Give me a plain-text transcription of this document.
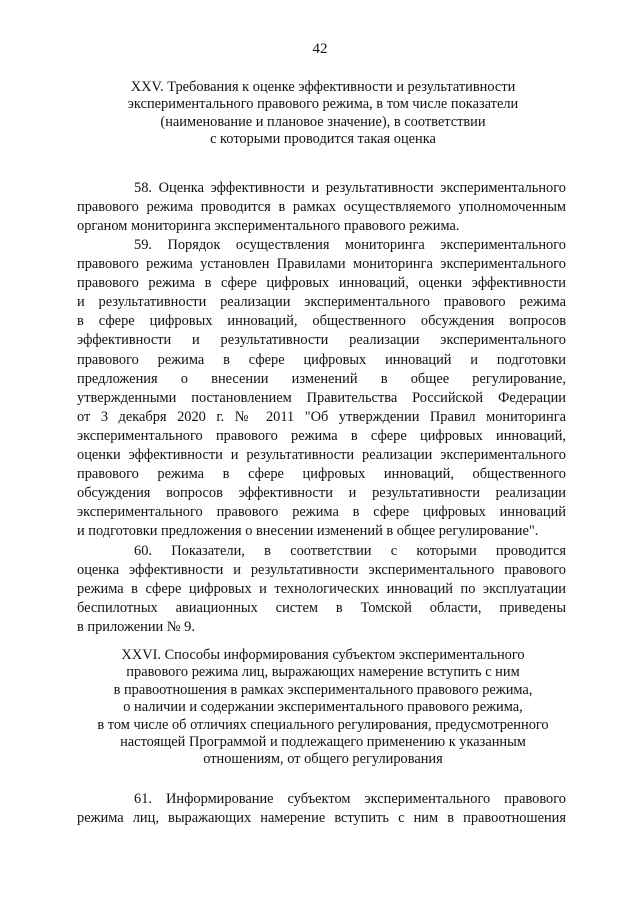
42
XXV. Требования к оценке эффективности и результативности
экспериментального правового режима, в том числе показатели
(наименование и плановое значение), в соответствии
с которыми проводится такая оценка
58. Оценка эффективности и результативности экспериментального
правового режима проводится в рамках осуществляемого уполномоченным
органом мониторинга экспериментального правового режима.
59. Порядок осуществления мониторинга экспериментального
правового режима установлен Правилами мониторинга экспериментального
правового режима в сфере цифровых инноваций, оценки эффективности
и результативности реализации экспериментального правового режима
в сфере цифровых инноваций, общественного обсуждения вопросов
эффективности и результативности реализации экспериментального
правового режима в сфере цифровых инноваций и подготовки
предложения о внесении изменений в общее регулирование,
утвержденными постановлением Правительства Российской Федерации
от 3 декабря 2020 г. № 2011 "Об утверждении Правил мониторинга
экспериментального правового режима в сфере цифровых инноваций,
оценки эффективности и результативности реализации экспериментального
правового режима в сфере цифровых инноваций, общественного
обсуждения вопросов эффективности и результативности реализации
экспериментального правового режима в сфере цифровых инноваций
и подготовки предложения о внесении изменений в общее регулирование".
60. Показатели, в соответствии с которыми проводится
оценка эффективности и результативности экспериментального правового
режима в сфере цифровых и технологических инноваций по эксплуатации
беспилотных авиационных систем в Томской области, приведены
в приложении № 9.
XXVI. Способы информирования субъектом экспериментального
правового режима лиц, выражающих намерение вступить с ним
в правоотношения в рамках экспериментального правового режима,
о наличии и содержании экспериментального правового режима,
в том числе об отличиях специального регулирования, предусмотренного
настоящей Программой и подлежащего применению к указанным
отношениям, от общего регулирования
61. Информирование субъектом экспериментального правового
режима лиц, выражающих намерение вступить с ним в правоотношения
